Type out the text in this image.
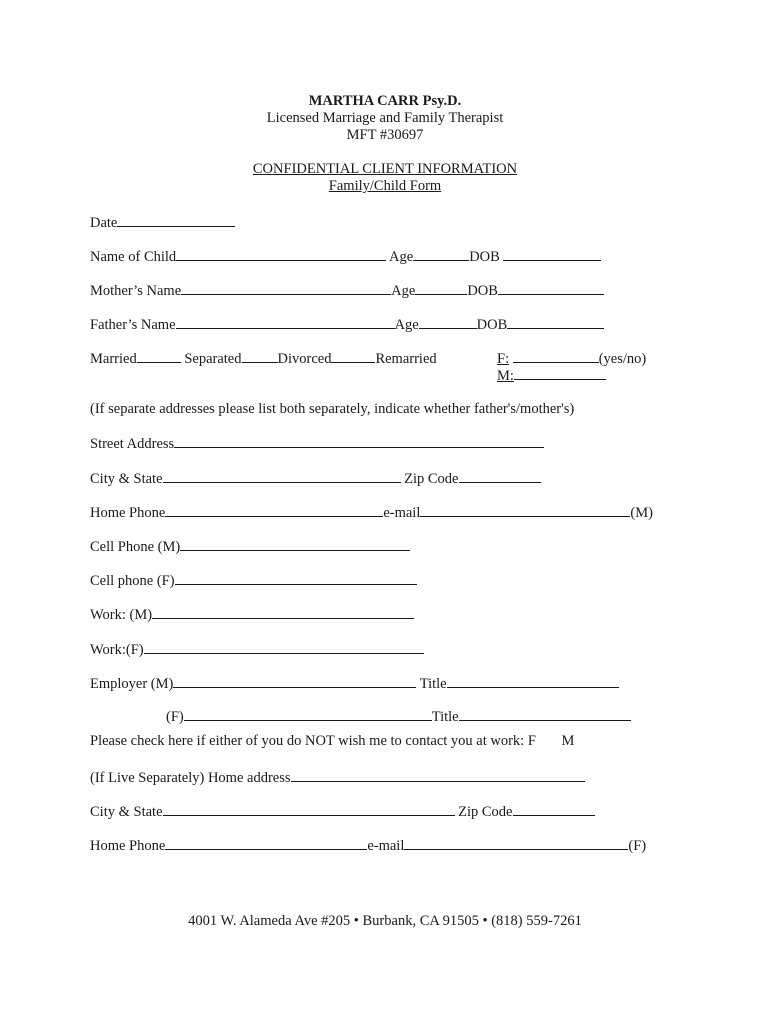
MARTHA CARR Psy.D.
Licensed Marriage and Family Therapist
MFT #30697
CONFIDENTIAL CLIENT INFORMATION
Family/Child Form
Date
Name of Child	Age	DOB
Mother’s Name	Age	DOB
Father’s Name	Age	DOB
Married	Separated Divorced	Remarried	F:	(yes/no)
M:
(If separate addresses please list both separately, indicate whether father's/mother's)
Street Address
City & State	Zip Code
Home Phone	e-mail	(M)
Cell Phone (M)
Cell phone (F)
Work: (M)
Work:(F)
Employer (M)	Title
(F)	Title
Please check here if either of you do NOT wish me to contact you at work: F M
(If Live Separately) Home address
City & State	Zip Code
Home Phone	e-mail	(F)
4001 W. Alameda Ave #205 • Burbank, CA 91505 • (818) 559-7261
